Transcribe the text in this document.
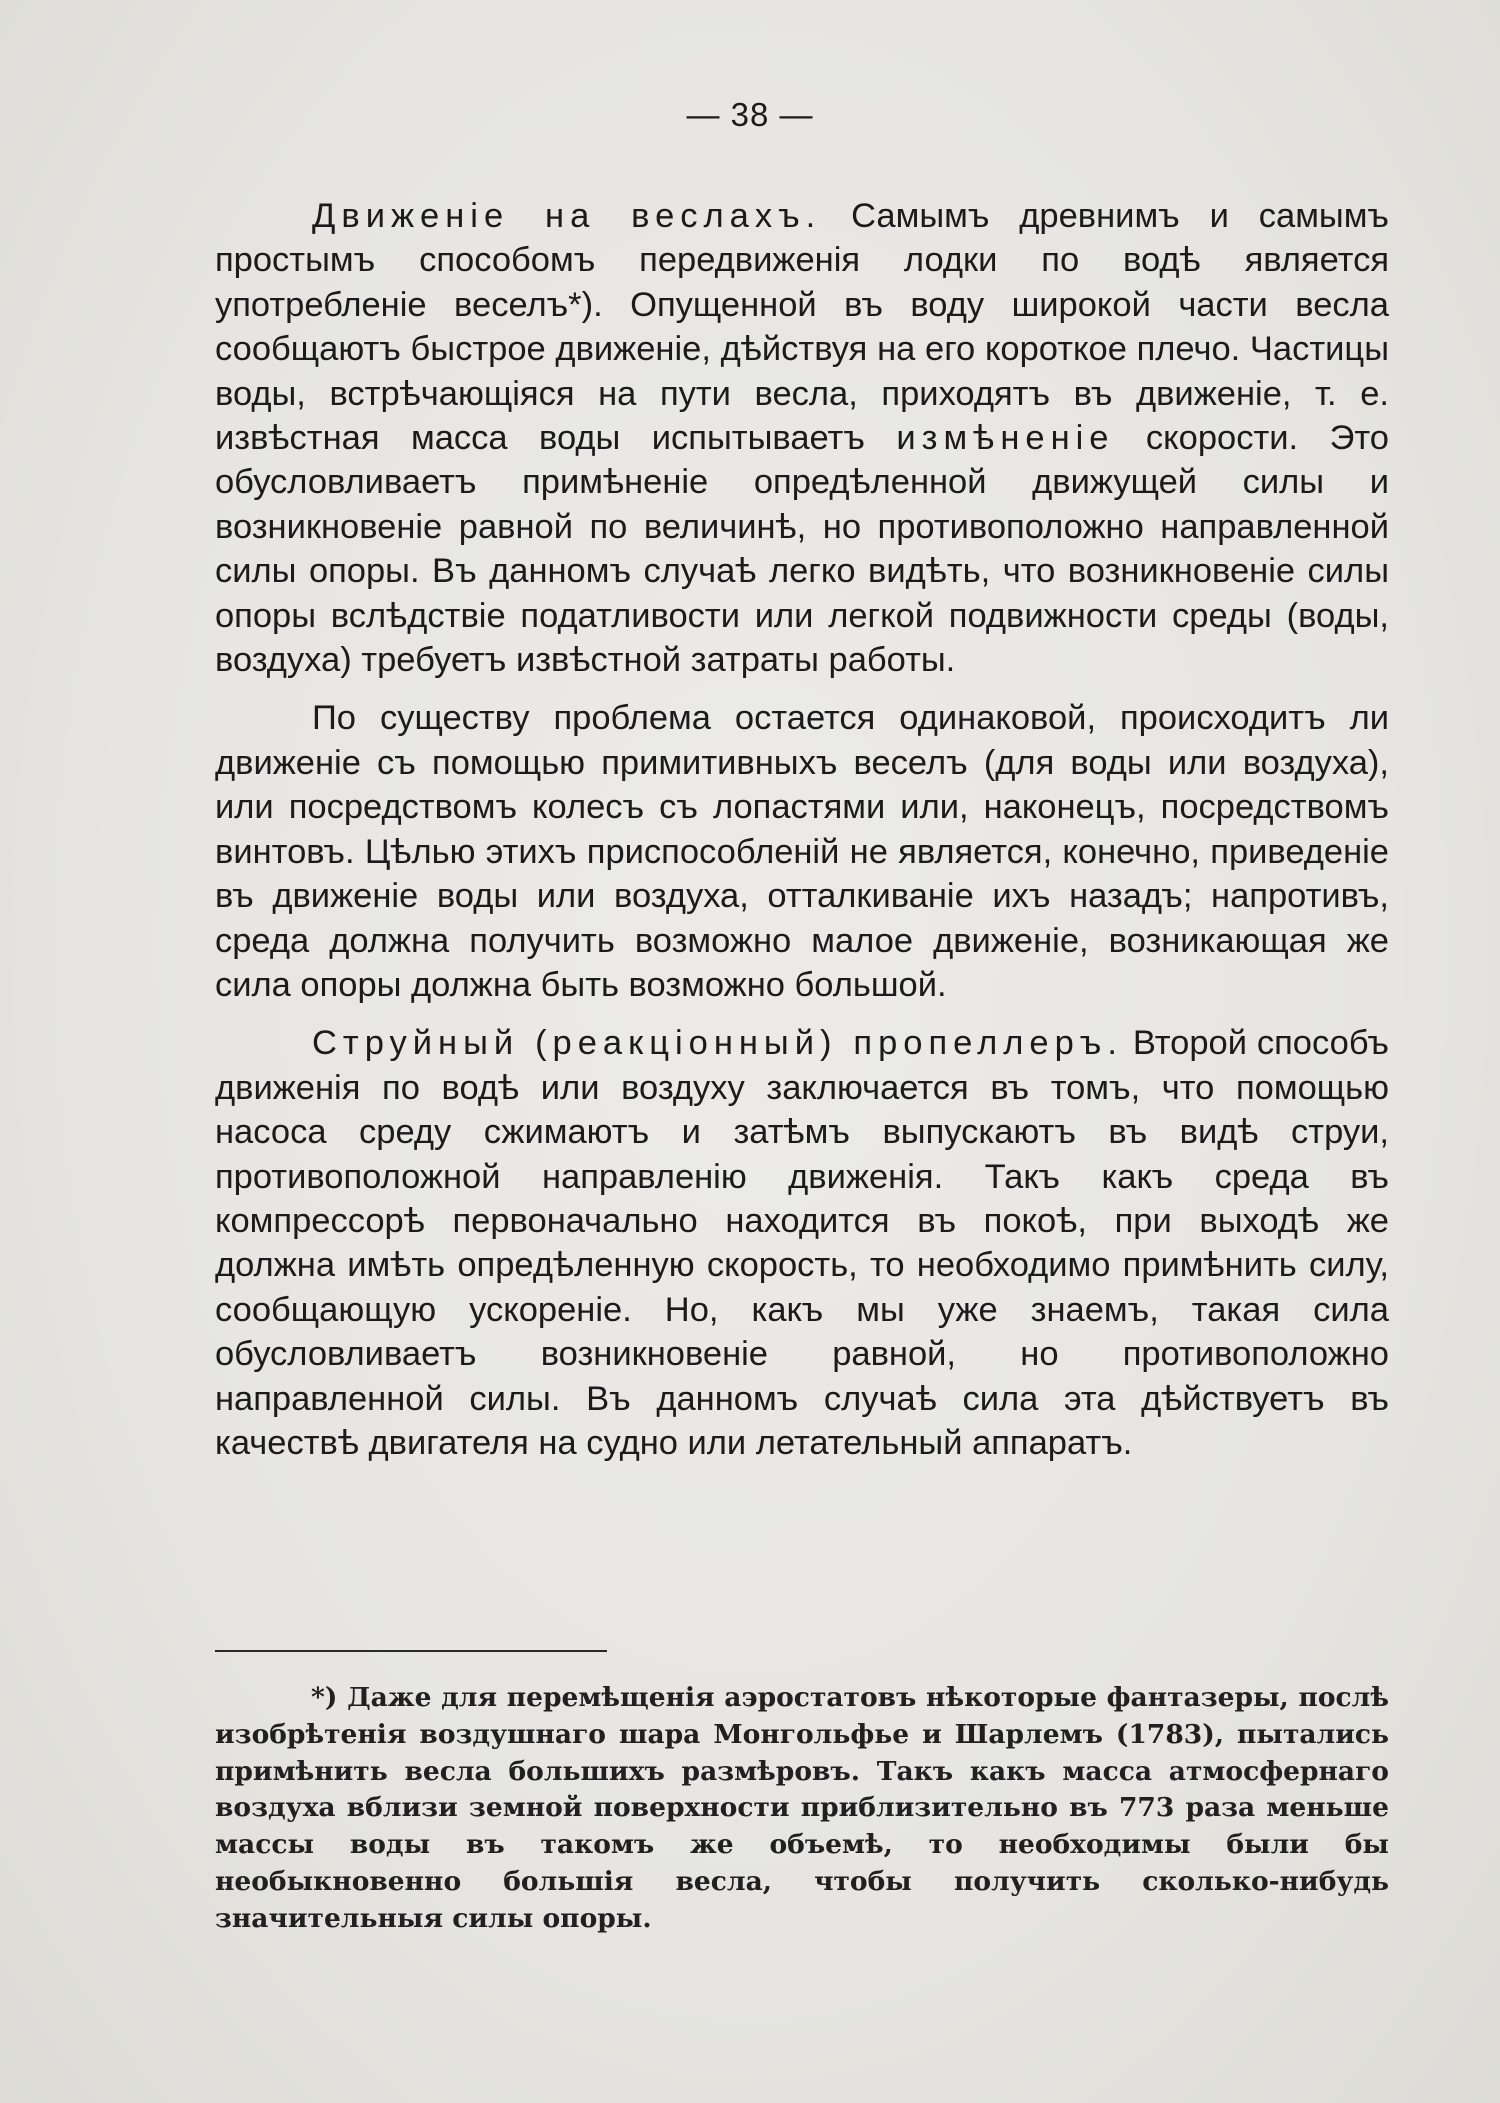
— 38 —

Движеніе на веслахъ. Самымъ древнимъ и самымъ простымъ способомъ передвиженія лодки по водѣ является употребленіе веселъ*). Опущенной въ воду широкой части весла сообщаютъ быстрое движеніе, дѣйствуя на его короткое плечо. Частицы воды, встрѣчающіяся на пути весла, приходятъ въ движеніе, т. е. извѣстная масса воды испытываетъ измѣненіе скорости. Это обусловливаетъ примѣненіе опредѣленной движущей силы и возникновеніе равной по величинѣ, но противоположно направленной силы опоры. Въ данномъ случаѣ легко видѣть, что возникновеніе силы опоры вслѣдствіе податливости или легкой подвижности среды (воды, воздуха) требуетъ извѣстной затраты работы.

По существу проблема остается одинаковой, происходитъ ли движеніе съ помощью примитивныхъ веселъ (для воды или воздуха), или посредствомъ колесъ съ лопастями или, наконецъ, посредствомъ винтовъ. Цѣлью этихъ приспособленій не является, конечно, приведеніе въ движеніе воды или воздуха, отталкиваніе ихъ назадъ; напротивъ, среда должна получить возможно малое движеніе, возникающая же сила опоры должна быть возможно большой.

Струйный (реакціонный) пропеллеръ. Второй способъ движенія по водѣ или воздуху заключается въ томъ, что помощью насоса среду сжимаютъ и затѣмъ выпускаютъ въ видѣ струи, противоположной направленію движенія. Такъ какъ среда въ компрессорѣ первоначально находится въ покоѣ, при выходѣ же должна имѣть опредѣленную скорость, то необходимо примѣнить силу, сообщающую ускореніе. Но, какъ мы уже знаемъ, такая сила обусловливаетъ возникновеніе равной, но противоположно направленной силы. Въ данномъ случаѣ сила эта дѣйствуетъ въ качествѣ двигателя на судно или летательный аппаратъ.

*) Даже для перемѣщенія аэростатовъ нѣкоторые фантазеры, послѣ изобрѣтенія воздушнаго шара Монгольфье и Шарлемъ (1783), пытались примѣнить весла большихъ размѣровъ. Такъ какъ масса атмосфернаго воздуха вблизи земной поверхности приблизительно въ 773 раза меньше массы воды въ такомъ же объемѣ, то необходимы были бы необыкновенно большія весла, чтобы получить сколько-нибудь значительныя силы опоры.
